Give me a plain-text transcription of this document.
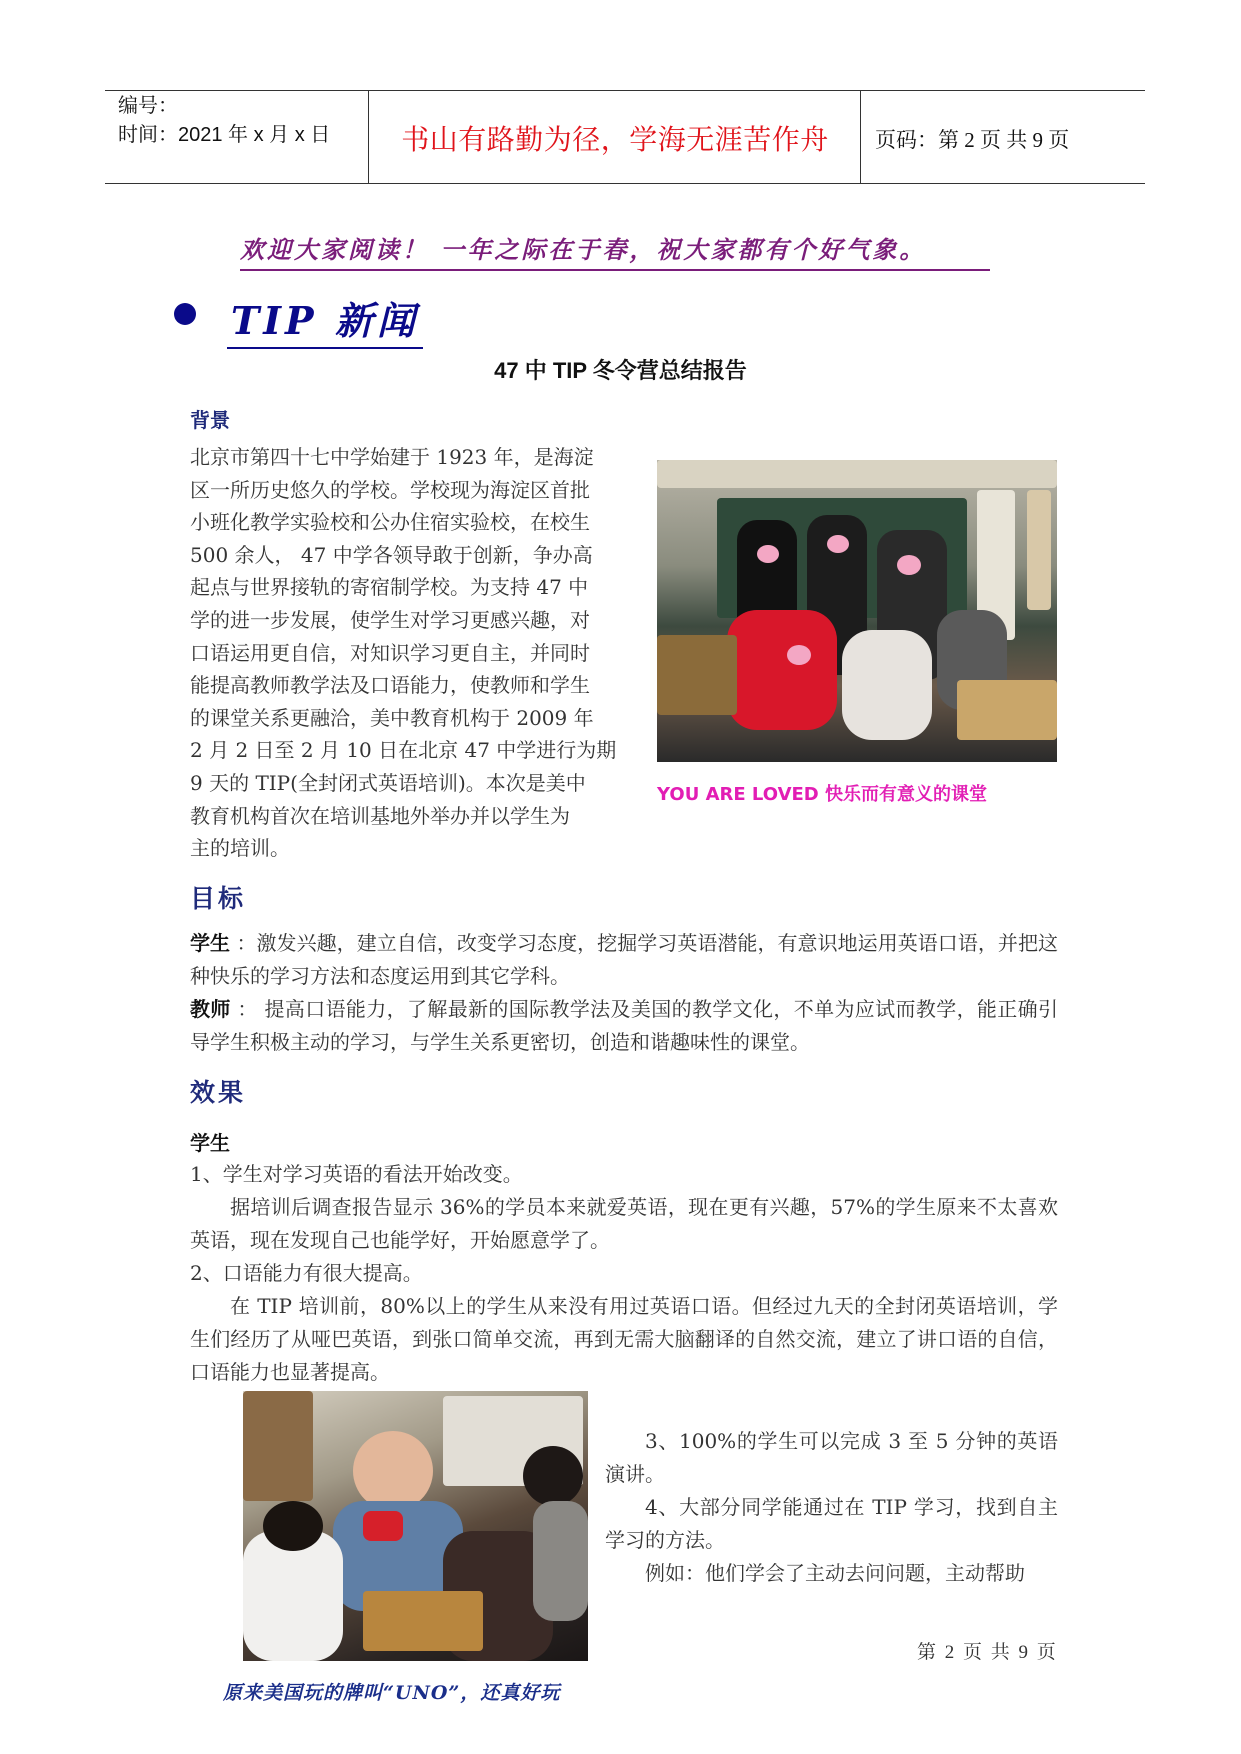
编号：
时间：2021 年 x 月 x 日	书山有路勤为径，学海无涯苦作舟	页码：第 2 页 共 9 页
欢迎大家阅读！ 一年之际在于春，祝大家都有个好气象。
TIP 新闻
47 中 TIP 冬令营总结报告
背景
北京市第四十七中学始建于 1923 年，是海淀
区一所历史悠久的学校。学校现为海淀区首批
小班化教学实验校和公办住宿实验校，在校生
500 余人， 47 中学各领导敢于创新，争办高
起点与世界接轨的寄宿制学校。为支持 47 中
学的进一步发展，使学生对学习更感兴趣，对
口语运用更自信，对知识学习更自主，并同时
能提高教师教学法及口语能力，使教师和学生
的课堂关系更融洽，美中教育机构于 2009 年
2 月 2 日至 2 月 10 日在北京 47 中学进行为期
9 天的 TIP(全封闭式英语培训)。本次是美中
教育机构首次在培训基地外举办并以学生为
主的培训。
YOU ARE LOVED 快乐而有意义的课堂
目标
学生 ：激发兴趣，建立自信，改变学习态度，挖掘学习英语潜能，有意识地运用英语口语，并把这种快乐的学习方法和态度运用到其它学科。
教师 ： 提高口语能力，了解最新的国际教学法及美国的教学文化，不单为应试而教学，能正确引导学生积极主动的学习，与学生关系更密切，创造和谐趣味性的课堂。
效果
学生
1、学生对学习英语的看法开始改变。
据培训后调查报告显示 36%的学员本来就爱英语，现在更有兴趣，57%的学生原来不太喜欢英语，现在发现自己也能学好，开始愿意学了。
2、口语能力有很大提高。
在 TIP 培训前，80%以上的学生从来没有用过英语口语。但经过九天的全封闭英语培训，学生们经历了从哑巴英语，到张口简单交流，再到无需大脑翻译的自然交流，建立了讲口语的自信，口语能力也显著提高。
原来美国玩的牌叫“UNO”，还真好玩
3、100%的学生可以完成 3 至 5 分钟的英语演讲。
4、大部分同学能通过在 TIP 学习，找到自主学习的方法。
例如：他们学会了主动去问问题，主动帮助
第 2 页 共 9 页
